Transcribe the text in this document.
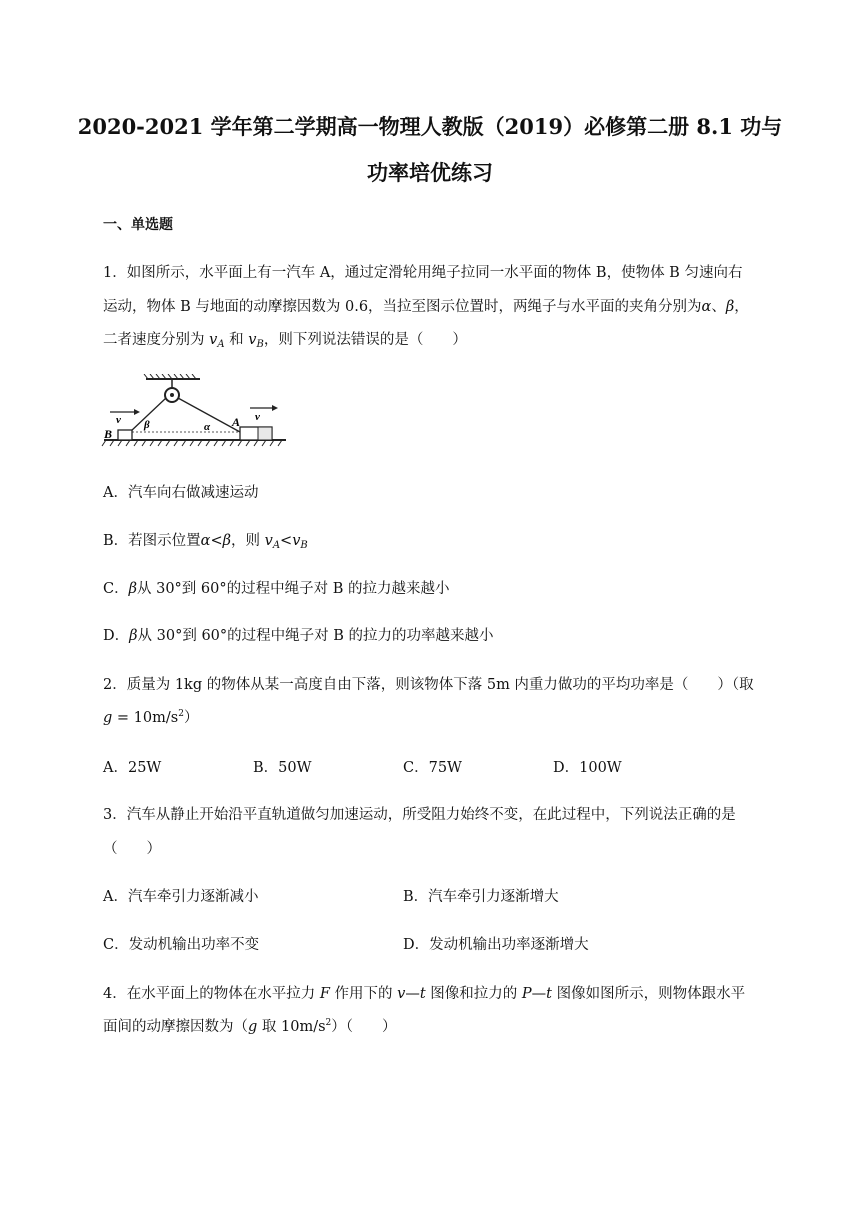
2020-2021 学年第二学期高一物理人教版（2019）必修第二册 8.1 功与
功率培优练习
一、单选题
1．如图所示，水平面上有一汽车 A，通过定滑轮用绳子拉同一水平面的物体 B，使物体 B 匀速向右
运动，物体 B 与地面的动摩擦因数为 0.6，当拉至图示位置时，两绳子与水平面的夹角分别为α、β，
二者速度分别为 $v_A$ 和 $v_B$，则下列说法错误的是（　　）
v	v
B
A
β	α
A．汽车向右做减速运动
B．若图示位置α<β，则 $v_A<v_B$
C．β从 30°到 60°的过程中绳子对 B 的拉力越来越小
D．β从 30°到 60°的过程中绳子对 B 的拉力的功率越来越小
2．质量为 1kg 的物体从某一高度自由下落，则该物体下落 5m 内重力做功的平均功率是（　　）（取
$g = 10m/s^2$）
A．25W	B．50W	C．75W	D．100W
3．汽车从静止开始沿平直轨道做匀加速运动，所受阻力始终不变，在此过程中，下列说法正确的是
（　　）
A．汽车牵引力逐渐减小	B．汽车牵引力逐渐增大
C．发动机输出功率不变	D．发动机输出功率逐渐增大
4．在水平面上的物体在水平拉力 F 作用下的 v—t 图像和拉力的 P—t 图像如图所示，则物体跟水平
面间的动摩擦因数为（g 取 $10m/s^2$）（　　）
